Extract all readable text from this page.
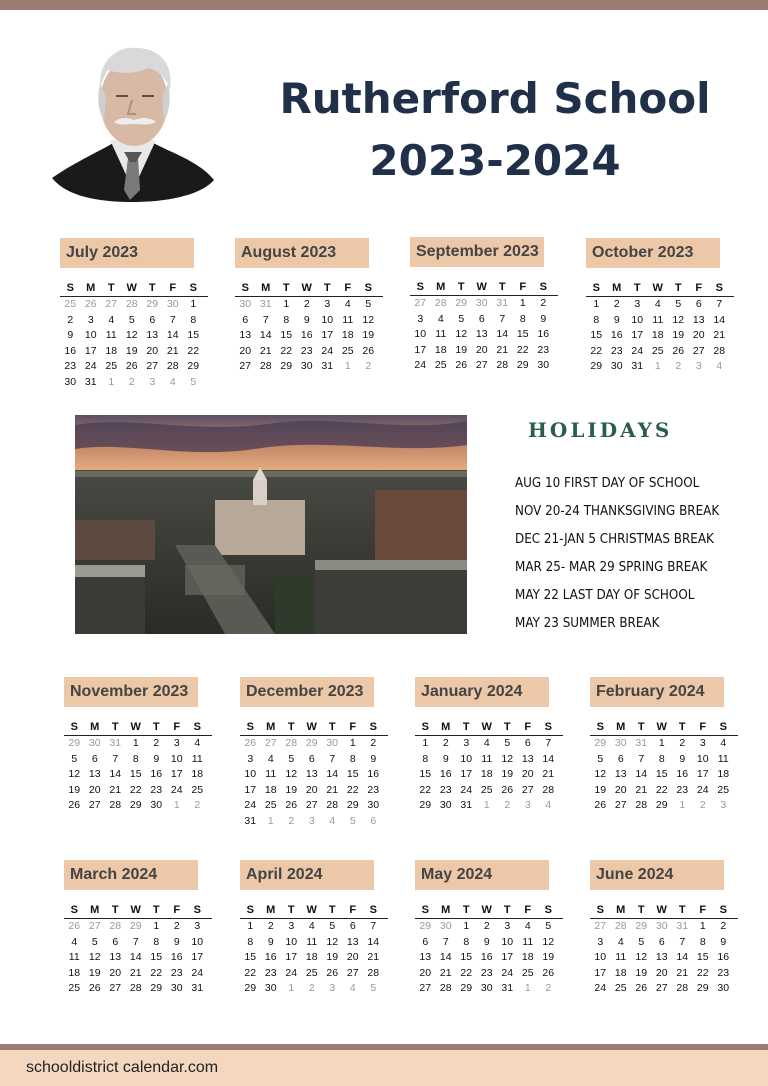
Rutherford School
2023-2024
July 2023
S	M	T	W	T	F	S
25 26 27 28 29 30	1
2	3	4	5	6	7	8
9	10 11 12 13 14 15
16 17 18 19 20 21 22
23 24 25 26 27 28 29
30 31	1	2	3	4	5
August 2023
S	M	T	W	T	F	S
30 31	1	2	3	4	5
6	7	8	9	10 11 12
13 14 15 16 17 18 19
20 21 22 23 24 25 26
27 28 29 30 31	1	2
September 2023
S	M	T	W	T	F	S
27 28 29 30 31	1	2
3	4	5	6	7	8	9
10 11 12 13 14 15 16
17 18 19 20 21 22 23
24 25 26 27 28 29 30
October 2023
S	M	T	W	T	F	S
1	2	3	4	5	6	7
8	9	10 11 12 13 14
15 16 17 18 19 20 21
22 23 24 25 26 27 28
29 30 31	1	2	3	4
November 2023
S	M	T	W	T	F	S
29 30 31	1	2	3	4
5	6	7	8	9	10 11
12 13 14 15 16 17 18
19 20 21 22 23 24 25
26 27 28 29 30	1	2
December 2023
S	M	T	W	T	F	S
26 27 28 29 30	1	2
3	4	5	6	7	8	9
10 11 12 13 14 15 16
17 18 19 20 21 22 23
24 25 26 27 28 29 30
31	1	2	3	4	5	6
January 2024
S	M	T	W	T	F	S
1	2	3	4	5	6	7
8	9	10 11 12 13 14
15 16 17 18 19 20 21
22 23 24 25 26 27 28
29 30 31	1	2	3	4
February 2024
S	M	T	W	T	F	S
29 30 31	1	2	3	4
5	6	7	8	9	10 11
12 13 14 15 16 17 18
19 20 21 22 23 24 25
26 27 28 29	1	2	3
March 2024
S	M	T	W	T	F	S
26 27 28 29	1	2	3
4	5	6	7	8	9	10
11 12 13 14 15 16 17
18 19 20 21 22 23 24
25 26 27 28 29 30 31
April 2024
S	M	T	W	T	F	S
1	2	3	4	5	6	7
8	9	10 11 12 13 14
15 16 17 18 19 20 21
22 23 24 25 26 27 28
29 30	1	2	3	4	5
May 2024
S	M	T	W	T	F	S
29 30	1	2	3	4	5
6	7	8	9	10 11 12
13 14 15 16 17 18 19
20 21 22 23 24 25 26
27 28 29 30 31	1	2
June 2024
S	M	T	W	T	F	S
27 28 29 30 31	1	2
3	4	5	6	7	8	9
10 11 12 13 14 15 16
17 18 19 20 21 22 23
24 25 26 27 28 29 30
HOLIDAYS
AUG 10 FIRST DAY OF SCHOOL
NOV 20-24 THANKSGIVING BREAK
DEC 21-JAN 5 CHRISTMAS BREAK
MAR 25- MAR 29 SPRING BREAK
MAY 22 LAST DAY OF SCHOOL
MAY 23 SUMMER BREAK
schooldistrict calendar.com
